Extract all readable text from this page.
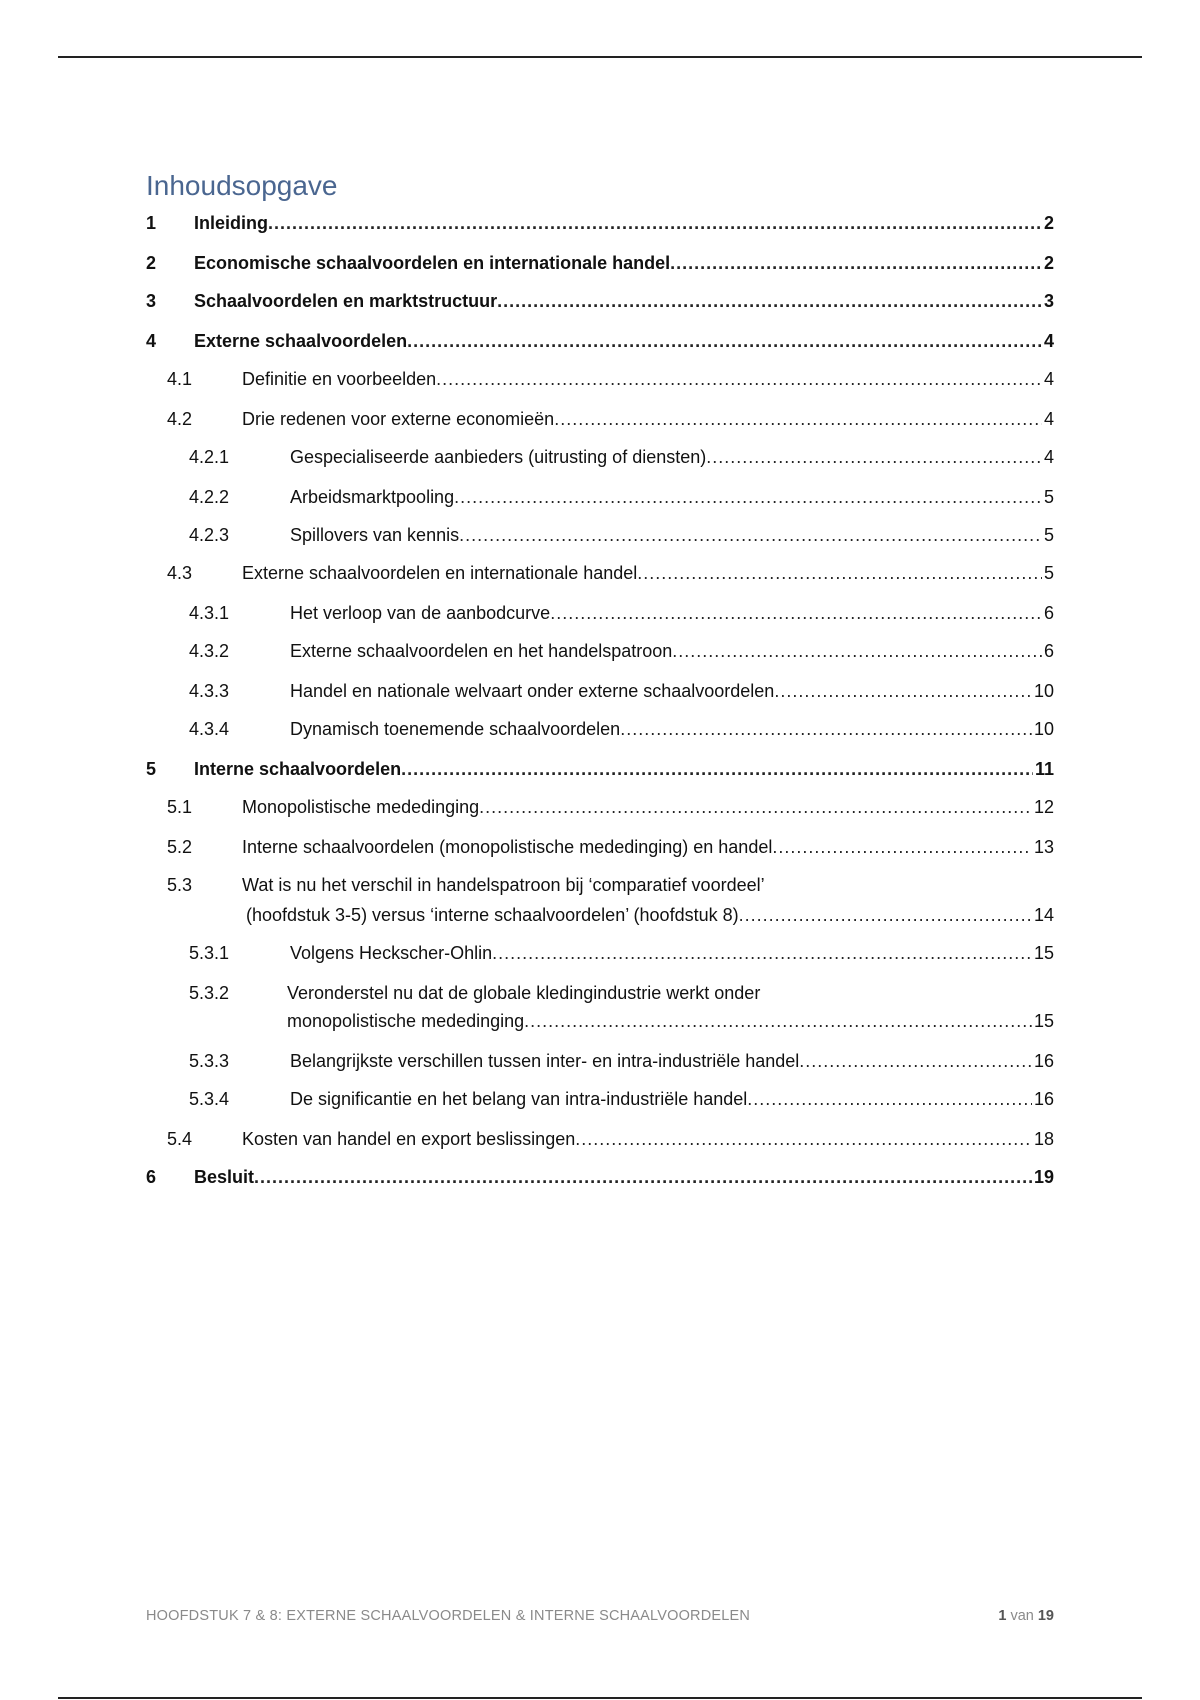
Inhoudsopgave
1 Inleiding .....	2
2 Economische schaalvoordelen en internationale handel .....	2
3 Schaalvoordelen en marktstructuur .....	3
4 Externe schaalvoordelen .....	4
4.1	Definitie en voorbeelden .....	4
4.2	Drie redenen voor externe economieën .....	4
4.2.1	Gespecialiseerde aanbieders (uitrusting of diensten) .....	4
4.2.2	Arbeidsmarktpooling .....	5
4.2.3	Spillovers van kennis .....	5
4.3	Externe schaalvoordelen en internationale handel .....	5
4.3.1	Het verloop van de aanbodcurve .....	6
4.3.2	Externe schaalvoordelen en het handelspatroon .....	6
4.3.3	Handel en nationale welvaart onder externe schaalvoordelen .....	10
4.3.4	Dynamisch toenemende schaalvoordelen .....	10
5 Interne schaalvoordelen .....	11
5.1	Monopolistische mededinging .....	12
5.2	Interne schaalvoordelen (monopolistische mededinging) en handel .....	13
5.3	Wat is nu het verschil in handelspatroon bij ‘comparatief voordeel’
(hoofdstuk 3-5) versus ‘interne schaalvoordelen’ (hoofdstuk 8) .....	14
5.3.1	Volgens Heckscher-Ohlin .....	15
5.3.2	Veronderstel nu dat de globale kledingindustrie werkt onder
monopolistische mededinging .....	15
5.3.3	Belangrijkste verschillen tussen inter- en intra-industriële handel .....	16
5.3.4	De significantie en het belang van intra-industriële handel .....	16
5.4	Kosten van handel en export beslissingen .....	18
6 Besluit .....	19
HOOFDSTUK 7 & 8: EXTERNE SCHAALVOORDELEN & INTERNE SCHAALVOORDELEN	1 van 19
